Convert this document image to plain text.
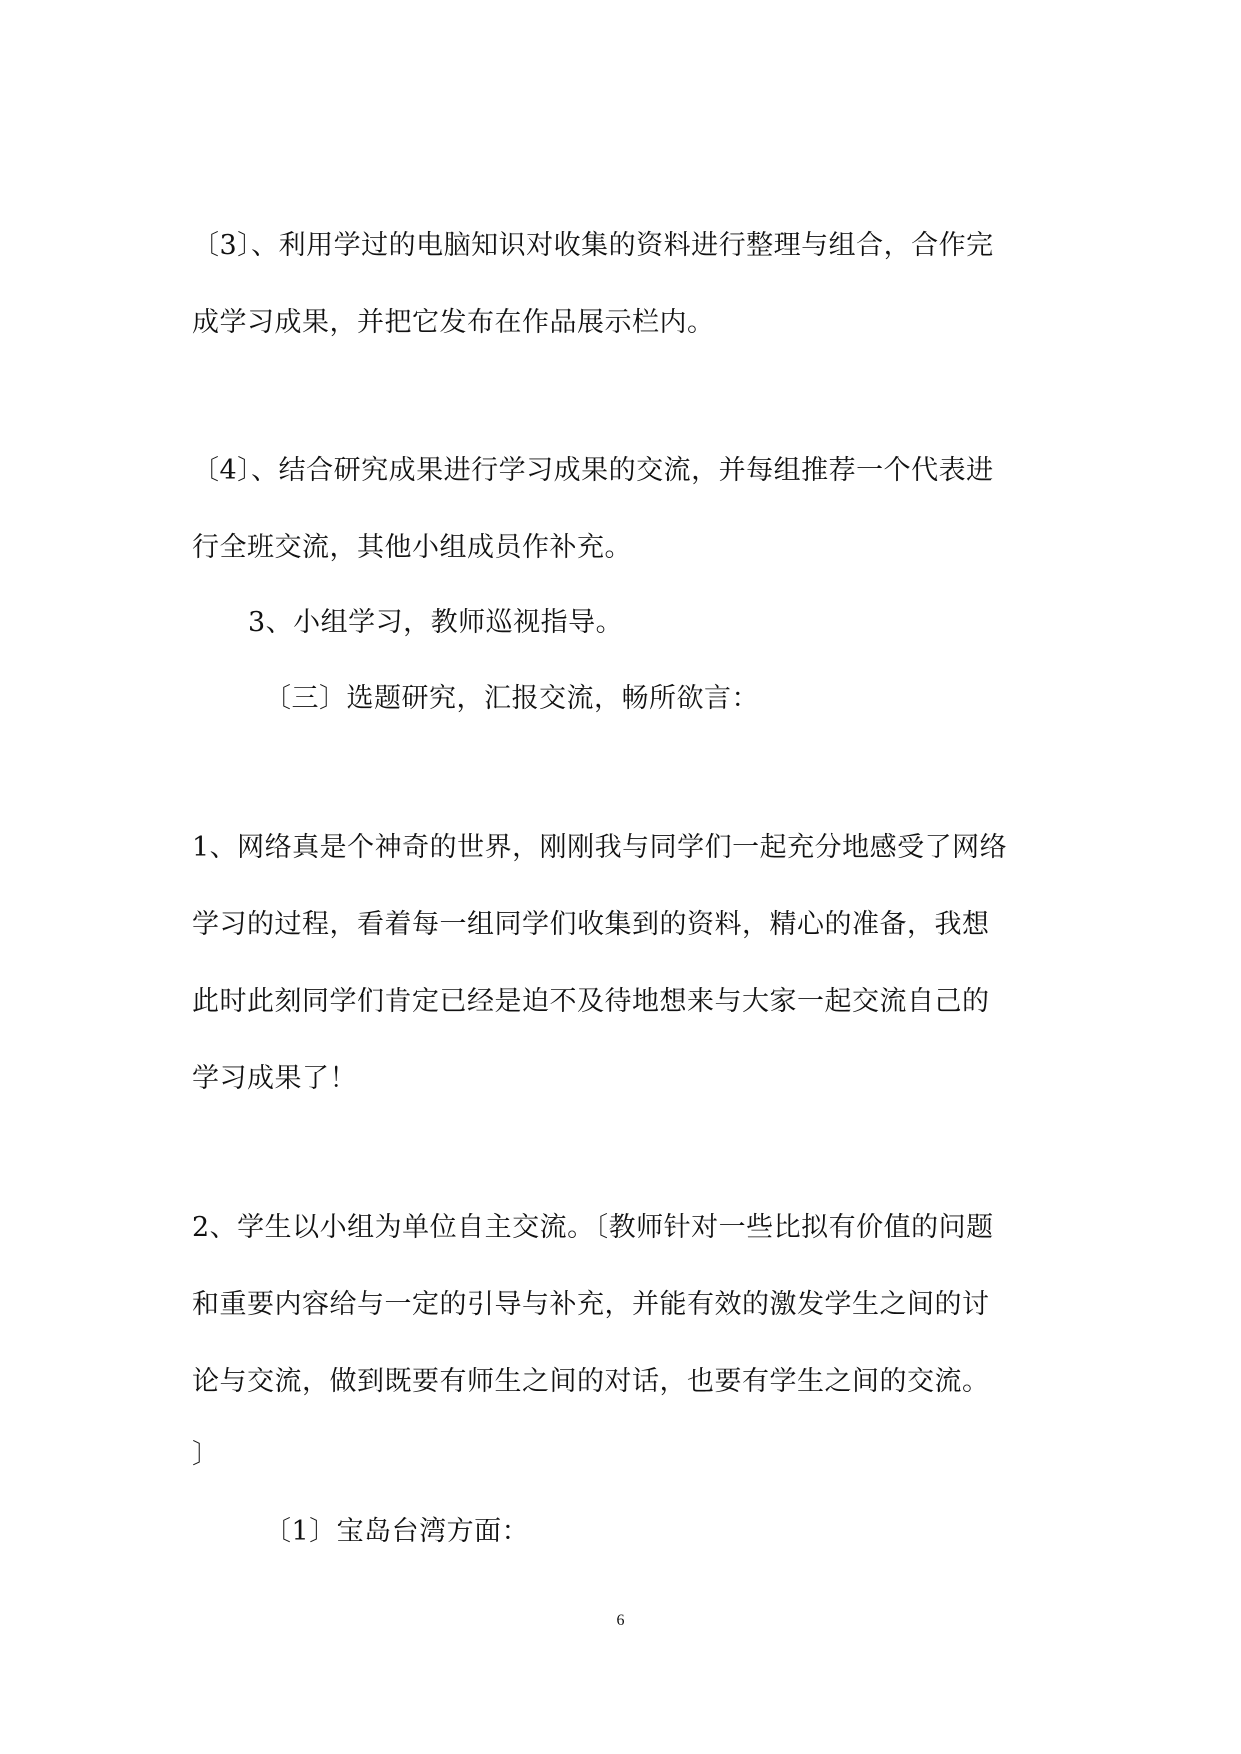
〔3〕、利用学过的电脑知识对收集的资料进行整理与组合，合作完
成学习成果，并把它发布在作品展示栏内。
〔4〕、结合研究成果进行学习成果的交流，并每组推荐一个代表进
行全班交流，其他小组成员作补充。
3、小组学习，教师巡视指导。
〔三〕选题研究，汇报交流，畅所欲言：
1、网络真是个神奇的世界，刚刚我与同学们一起充分地感受了网络
学习的过程，看着每一组同学们收集到的资料，精心的准备，我想
此时此刻同学们肯定已经是迫不及待地想来与大家一起交流自己的
学习成果了！
2、学生以小组为单位自主交流。〔教师针对一些比拟有价值的问题
和重要内容给与一定的引导与补充，并能有效的激发学生之间的讨
论与交流，做到既要有师生之间的对话，也要有学生之间的交流。
〕
〔1〕宝岛台湾方面：
6
